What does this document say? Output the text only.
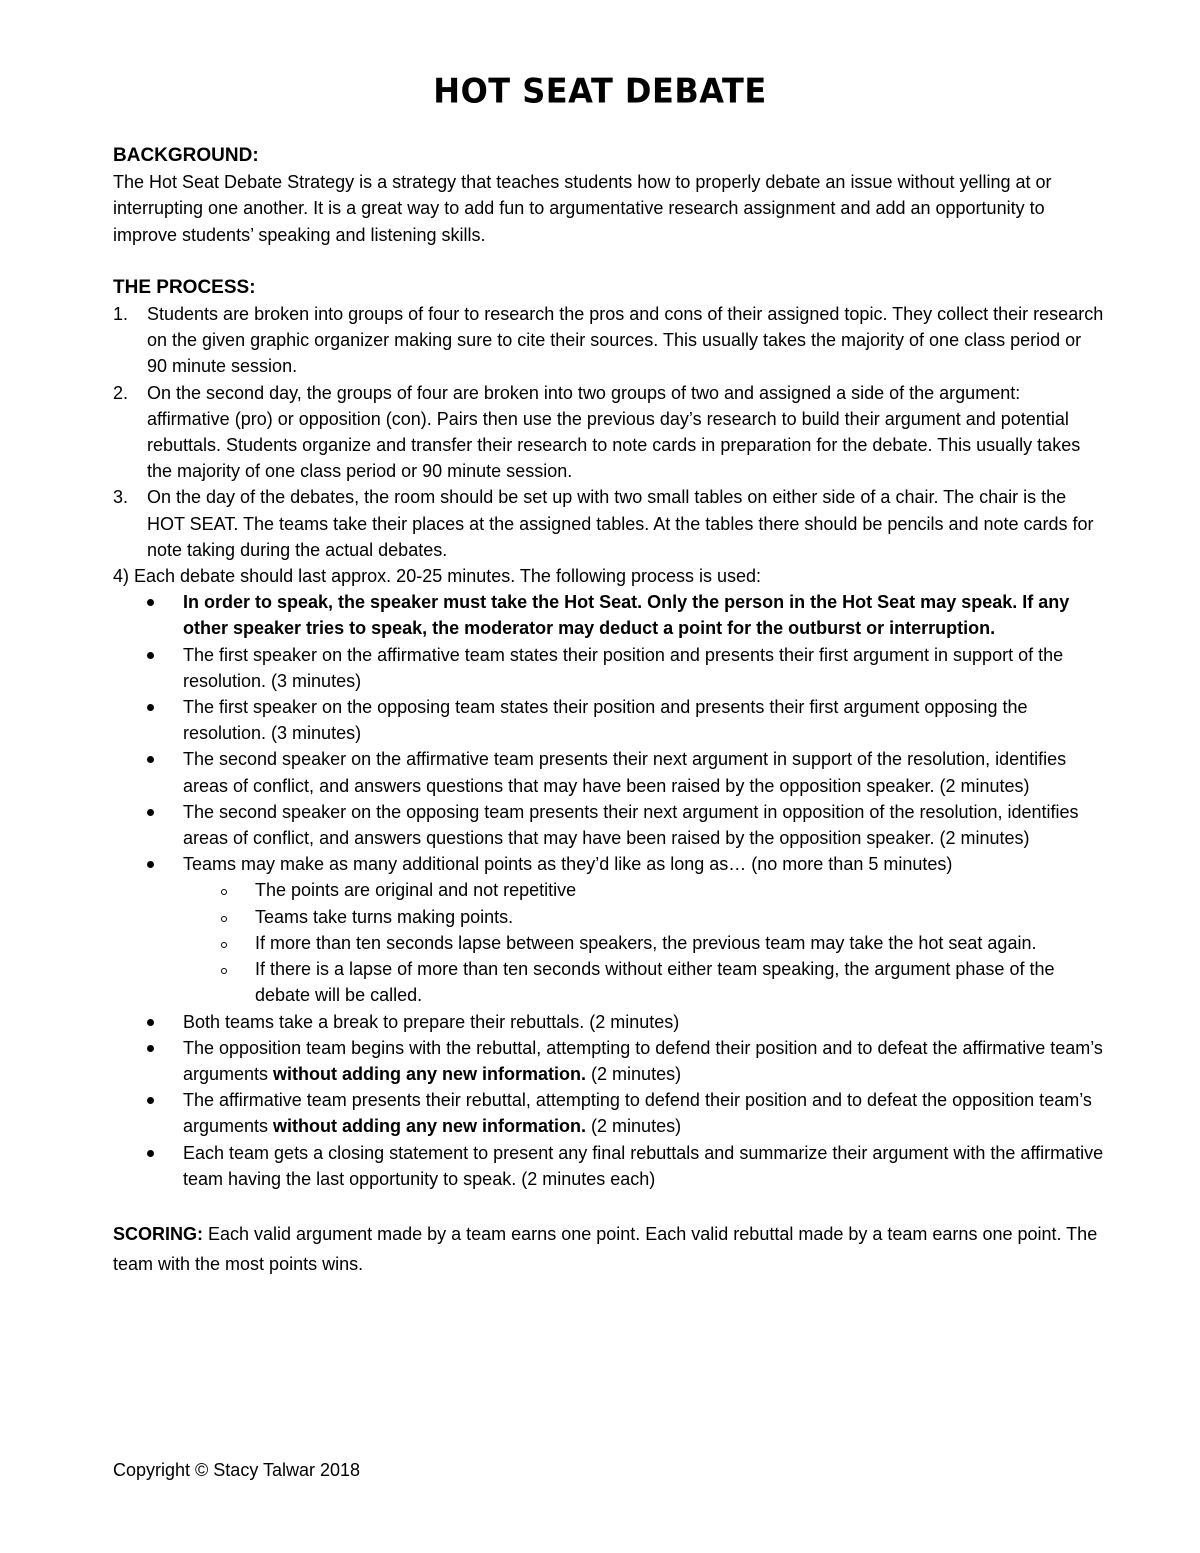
HOT SEAT DEBATE
BACKGROUND:

The Hot Seat Debate Strategy is a strategy that teaches students how to properly debate an issue without yelling at or interrupting one another. It is a great way to add fun to argumentative research assignment and add an opportunity to improve students’ speaking and listening skills.

THE PROCESS:
1. Students are broken into groups of four to research the pros and cons of their assigned topic. They collect their research on the given graphic organizer making sure to cite their sources. This usually takes the majority of one class period or 90 minute session.
2. On the second day, the groups of four are broken into two groups of two and assigned a side of the argument: affirmative (pro) or opposition (con). Pairs then use the previous day’s research to build their argument and potential rebuttals. Students organize and transfer their research to note cards in preparation for the debate. This usually takes the majority of one class period or 90 minute session.
3. On the day of the debates, the room should be set up with two small tables on either side of a chair. The chair is the HOT SEAT. The teams take their places at the assigned tables. At the tables there should be pencils and note cards for note taking during the actual debates.

4) Each debate should last approx. 20-25 minutes. The following process is used:

In order to speak, the speaker must take the Hot Seat. Only the person in the Hot Seat may speak. If any other speaker tries to speak, the moderator may deduct a point for the outburst or interruption.
The first speaker on the affirmative team states their position and presents their first argument in support of the resolution. (3 minutes)
The first speaker on the opposing team states their position and presents their first argument opposing the resolution. (3 minutes)
The second speaker on the affirmative team presents their next argument in support of the resolution, identifies areas of conflict, and answers questions that may have been raised by the opposition speaker. (2 minutes)
The second speaker on the opposing team presents their next argument in opposition of the resolution, identifies areas of conflict, and answers questions that may have been raised by the opposition speaker. (2 minutes)
Teams may make as many additional points as they’d like as long as… (no more than 5 minutes)
The points are original and not repetitive
Teams take turns making points.
If more than ten seconds lapse between speakers, the previous team may take the hot seat again.
If there is a lapse of more than ten seconds without either team speaking, the argument phase of the debate will be called.
Both teams take a break to prepare their rebuttals. (2 minutes)
The opposition team begins with the rebuttal, attempting to defend their position and to defeat the affirmative team’s arguments without adding any new information. (2 minutes)
The affirmative team presents their rebuttal, attempting to defend their position and to defeat the opposition team’s arguments without adding any new information. (2 minutes)
Each team gets a closing statement to present any final rebuttals and summarize their argument with the affirmative team having the last opportunity to speak. (2 minutes each)

SCORING: Each valid argument made by a team earns one point. Each valid rebuttal made by a team earns one point. The team with the most points wins.

Copyright © Stacy Talwar 2018
